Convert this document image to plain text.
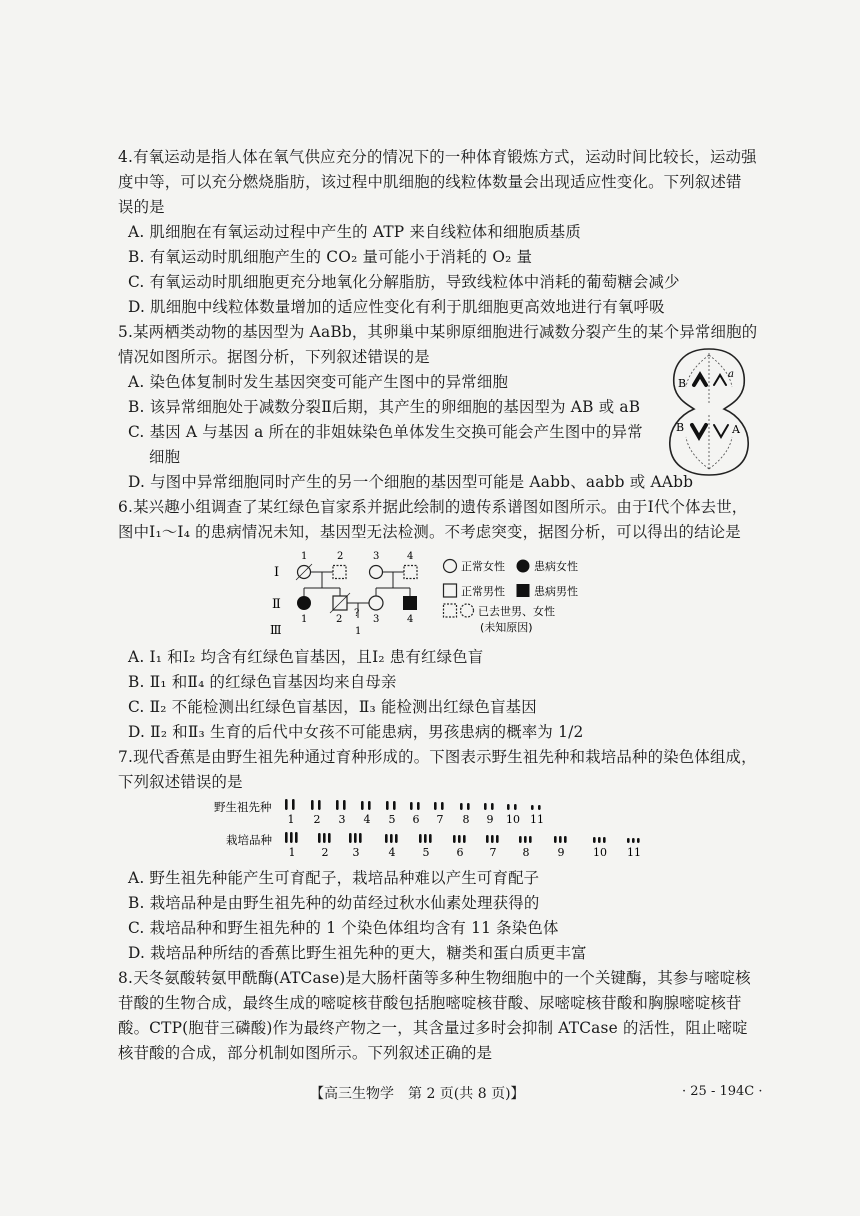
4.有氧运动是指人体在氧气供应充分的情况下的一种体育锻炼方式，运动时间比较长，运动强
度中等，可以充分燃烧脂肪，该过程中肌细胞的线粒体数量会出现适应性变化。下列叙述错
误的是
A. 肌细胞在有氧运动过程中产生的 ATP 来自线粒体和细胞质基质
B. 有氧运动时肌细胞产生的 CO₂ 量可能小于消耗的 O₂ 量
C. 有氧运动时肌细胞更充分地氧化分解脂肪，导致线粒体中消耗的葡萄糖会减少
D. 肌细胞中线粒体数量增加的适应性变化有利于肌细胞更高效地进行有氧呼吸
5.某两栖类动物的基因型为 AaBb，其卵巢中某卵原细胞进行减数分裂产生的某个异常细胞的
情况如图所示。据图分析，下列叙述错误的是
A. 染色体复制时发生基因突变可能产生图中的异常细胞
B. 该异常细胞处于减数分裂Ⅱ后期，其产生的卵细胞的基因型为 AB 或 aB
C. 基因 A 与基因 a 所在的非姐妹染色单体发生交换可能会产生图中的异常
细胞
D. 与图中异常细胞同时产生的另一个细胞的基因型可能是 Aabb、aabb 或 AAbb
B
a
B	A
6.某兴趣小组调查了某红绿色盲家系并据此绘制的遗传系谱图如图所示。由于Ⅰ代个体去世，
图中Ⅰ₁～Ⅰ₄ 的患病情况未知，基因型无法检测。不考虑突变，据图分析，可以得出的结论是
Ⅰ
Ⅱ
Ⅲ
1	2	3	4
1	2
?
3	4
1
正常女性	患病女性
正常男性	患病男性
已去世男、女性
(未知原因)
A. Ⅰ₁ 和Ⅰ₂ 均含有红绿色盲基因，且Ⅰ₂ 患有红绿色盲
B. Ⅱ₁ 和Ⅱ₄ 的红绿色盲基因均来自母亲
C. Ⅱ₂ 不能检测出红绿色盲基因，Ⅱ₃ 能检测出红绿色盲基因
D. Ⅱ₂ 和Ⅱ₃ 生育的后代中女孩不可能患病，男孩患病的概率为 1/2
7.现代香蕉是由野生祖先种通过育种形成的。下图表示野生祖先种和栽培品种的染色体组成，
下列叙述错误的是
野生祖先种
栽培品种
1 2 3 4 5 6 7 8 9 10 11
1 2 3	4 5 6 7 8	9	10 11
A. 野生祖先种能产生可育配子，栽培品种难以产生可育配子
B. 栽培品种是由野生祖先种的幼苗经过秋水仙素处理获得的
C. 栽培品种和野生祖先种的 1 个染色体组均含有 11 条染色体
D. 栽培品种所结的香蕉比野生祖先种的更大，糖类和蛋白质更丰富
8.天冬氨酸转氨甲酰酶(ATCase)是大肠杆菌等多种生物细胞中的一个关键酶，其参与嘧啶核
苷酸的生物合成，最终生成的嘧啶核苷酸包括胞嘧啶核苷酸、尿嘧啶核苷酸和胸腺嘧啶核苷
酸。CTP(胞苷三磷酸)作为最终产物之一，其含量过多时会抑制 ATCase 的活性，阻止嘧啶
核苷酸的合成，部分机制如图所示。下列叙述正确的是
【高三生物学　第 2 页(共 8 页)】	· 25 - 194C ·
